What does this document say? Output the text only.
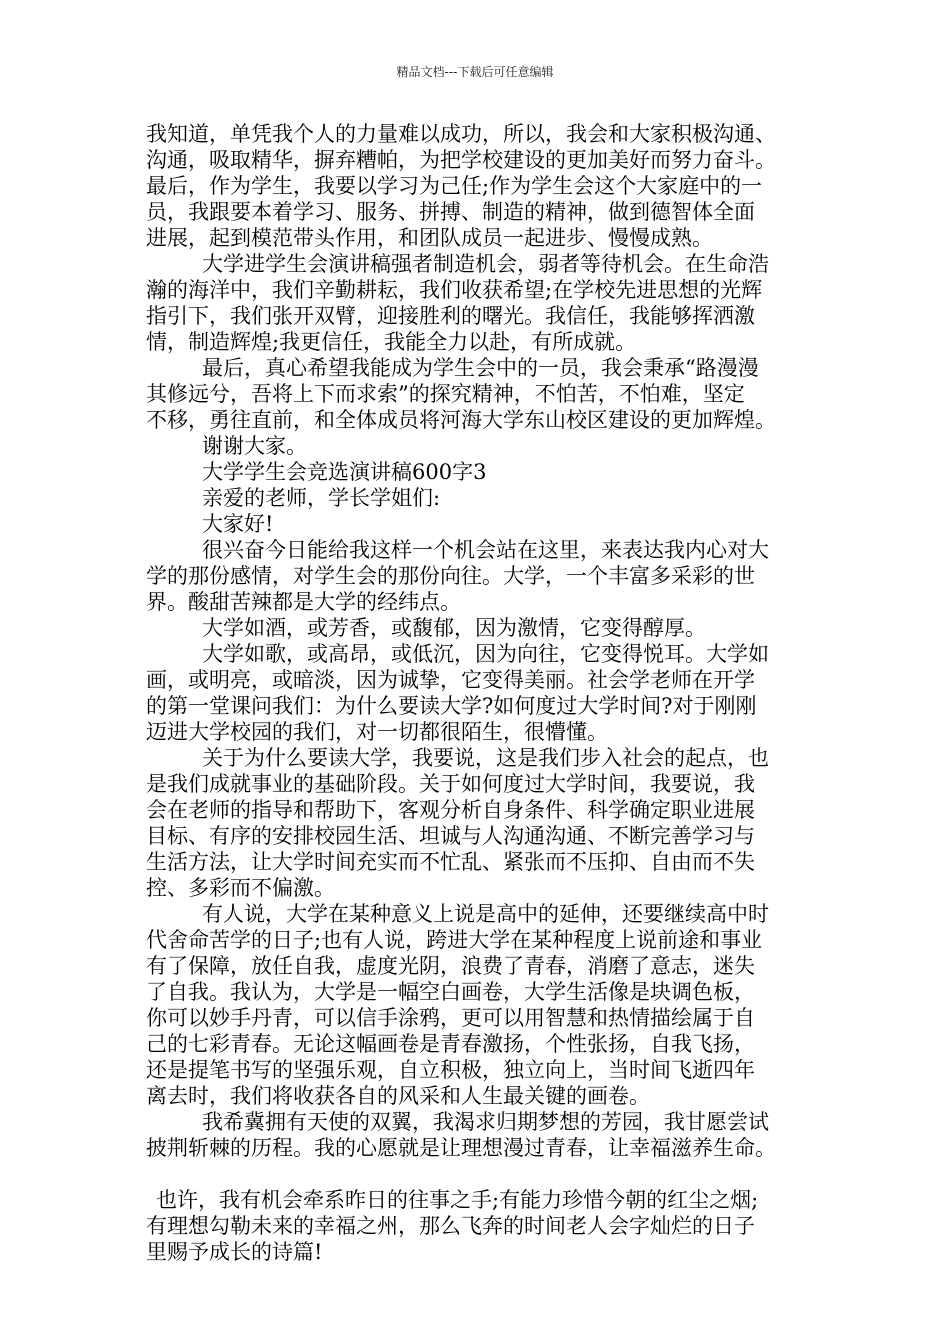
精品文档---下载后可任意编辑

我知道，单凭我个人的力量难以成功，所以，我会和大家积极沟通、

沟通，吸取精华，摒弃糟帕，为把学校建设的更加美好而努力奋斗。

最后，作为学生，我要以学习为己任;作为学生会这个大家庭中的一

员，我跟要本着学习、服务、拼搏、制造的精神，做到德智体全面

进展，起到模范带头作用，和团队成员一起进步、慢慢成熟。

大学进学生会演讲稿强者制造机会，弱者等待机会。在生命浩

瀚的海洋中，我们辛勤耕耘，我们收获希望;在学校先进思想的光辉

指引下，我们张开双臂，迎接胜利的曙光。我信任，我能够挥洒激

情，制造辉煌;我更信任，我能全力以赴，有所成就。

最后，真心希望我能成为学生会中的一员，我会秉承“路漫漫

其修远兮，吾将上下而求索”的探究精神，不怕苦，不怕难，坚定

不移，勇往直前，和全体成员将河海大学东山校区建设的更加辉煌。

谢谢大家。

大学学生会竞选演讲稿600字3

亲爱的老师，学长学姐们:

大家好!

很兴奋今日能给我这样一个机会站在这里，来表达我内心对大

学的那份感情，对学生会的那份向往。大学，一个丰富多采彩的世

界。酸甜苦辣都是大学的经纬点。

大学如酒，或芳香，或馥郁，因为激情，它变得醇厚。

大学如歌，或高昂，或低沉，因为向往，它变得悦耳。大学如

画，或明亮，或暗淡，因为诚挚，它变得美丽。社会学老师在开学

的第一堂课问我们：为什么要读大学?如何度过大学时间?对于刚刚

迈进大学校园的我们，对一切都很陌生，很懵懂。

关于为什么要读大学，我要说，这是我们步入社会的起点，也

是我们成就事业的基础阶段。关于如何度过大学时间，我要说，我

会在老师的指导和帮助下，客观分析自身条件、科学确定职业进展

目标、有序的安排校园生活、坦诚与人沟通沟通、不断完善学习与

生活方法，让大学时间充实而不忙乱、紧张而不压抑、自由而不失

控、多彩而不偏激。

有人说，大学在某种意义上说是高中的延伸，还要继续高中时

代舍命苦学的日子;也有人说，跨进大学在某种程度上说前途和事业

有了保障，放任自我，虚度光阴，浪费了青春，消磨了意志，迷失

了自我。我认为，大学是一幅空白画卷，大学生活像是块调色板，

你可以妙手丹青，可以信手涂鸦，更可以用智慧和热情描绘属于自

己的七彩青春。无论这幅画卷是青春激扬，个性张扬，自我飞扬，

还是提笔书写的坚强乐观，自立积极，独立向上，当时间飞逝四年

离去时，我们将收获各自的风采和人生最关键的画卷。

我希冀拥有天使的双翼，我渴求归期梦想的芳园，我甘愿尝试

披荆斩棘的历程。我的心愿就是让理想漫过青春，让幸福滋养生命。

也许，我有机会牵系昨日的往事之手;有能力珍惜今朝的红尘之烟;

有理想勾勒未来的幸福之州，那么飞奔的时间老人会字灿烂的日子

里赐予成长的诗篇!
